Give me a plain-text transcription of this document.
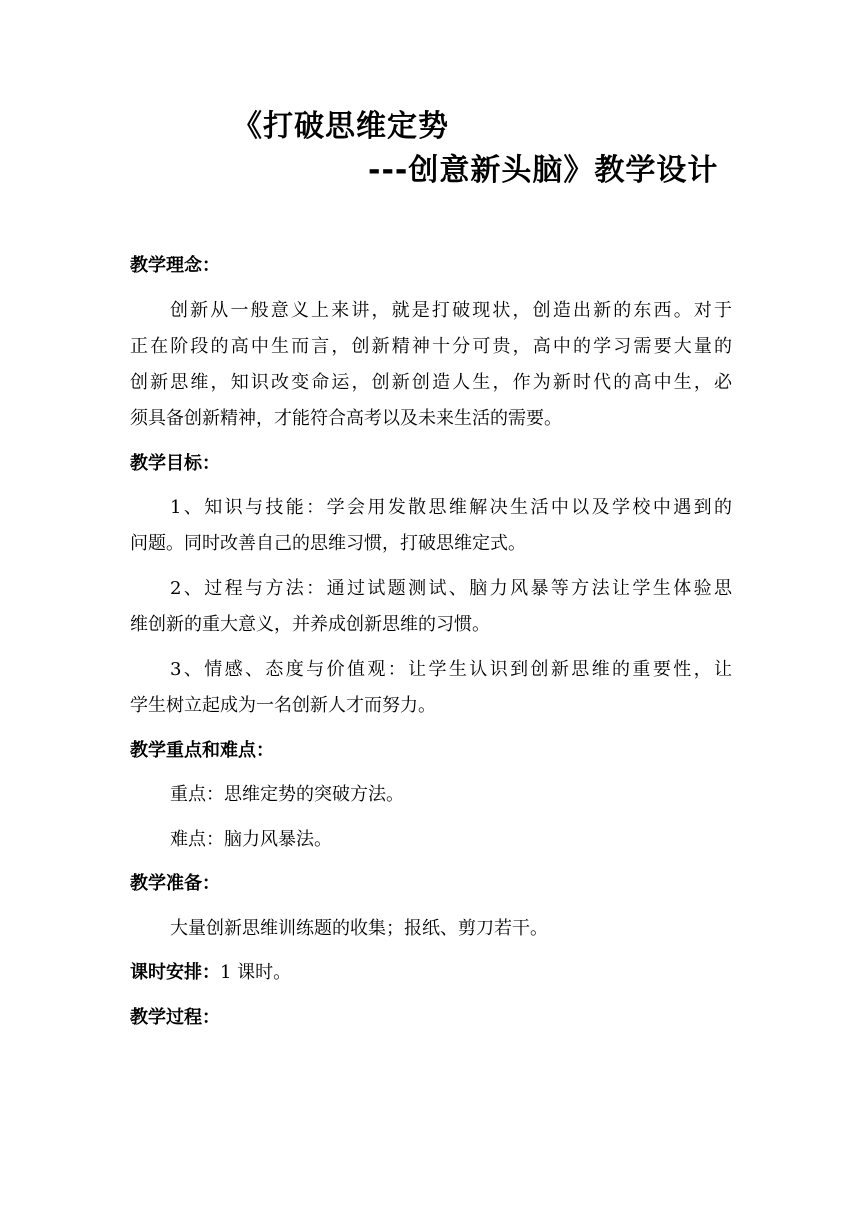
《打破思维定势
---创意新头脑》教学设计
教学理念：
创新从一般意义上来讲，就是打破现状，创造出新的东西。对于
正在阶段的高中生而言，创新精神十分可贵，高中的学习需要大量的
创新思维，知识改变命运，创新创造人生，作为新时代的高中生，必
须具备创新精神，才能符合高考以及未来生活的需要。
教学目标：
1、知识与技能：学会用发散思维解决生活中以及学校中遇到的
问题。同时改善自己的思维习惯，打破思维定式。
2、过程与方法：通过试题测试、脑力风暴等方法让学生体验思
维创新的重大意义，并养成创新思维的习惯。
3、情感、态度与价值观：让学生认识到创新思维的重要性，让
学生树立起成为一名创新人才而努力。
教学重点和难点：
重点：思维定势的突破方法。
难点：脑力风暴法。
教学准备：
大量创新思维训练题的收集；报纸、剪刀若干。
课时安排：1 课时。
教学过程：
